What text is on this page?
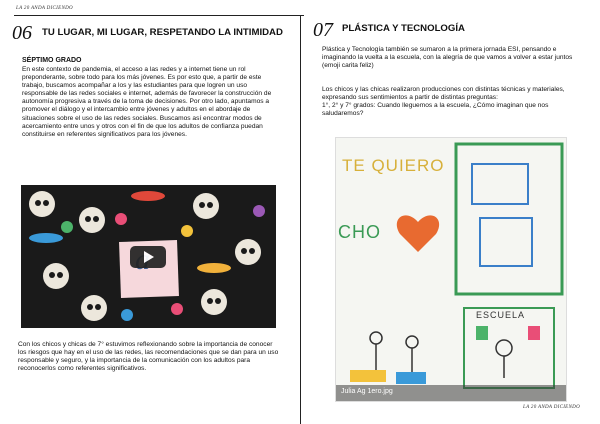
LA 20 ANDA DICIENDO
06 TU LUGAR, MI LUGAR, RESPETANDO LA INTIMIDAD
SÉPTIMO GRADO
En este contexto de pandemia, el acceso a las redes y a internet tiene un rol preponderante, sobre todo para los más jóvenes. Es por esto que, a partir de este trabajo, buscamos acompañar a los y las estudiantes para que logren un uso responsable de las redes sociales e internet, además de favorecer la construcción de autonomía progresiva a través de la toma de decisiones. Por otro lado, apuntamos a promover el diálogo y el intercambio entre jóvenes y adultos en el abordaje de situaciones sobre el uso de las redes sociales. Buscamos así encontrar modos de acercamiento entre unos y otros con el fin de que los adultos de confianza puedan constituirse en referentes significativos para los jóvenes.
Con los chicos y chicas de 7° estuvimos reflexionando sobre la importancia de conocer los riesgos que hay en el uso de las redes, las recomendaciones que se dan para un uso responsable y seguro, y la importancia de la comunicación con los adultos para reconocerlos como referentes significativos.
07 PLÁSTICA Y TECNOLOGÍA
Plástica y Tecnología también se sumaron a la primera jornada ESI, pensando e imaginando la vuelta a la escuela, con la alegría de que vamos a volver a estar juntos (emoji carita feliz)
Los chicos y las chicas realizaron producciones con distintas técnicas y materiales, expresando sus sentimientos a partir de distintas preguntas:
1°, 2° y 7° grados: Cuando lleguemos a la escuela, ¿Cómo imaginan que nos saludaremos?
TE QUIERO
CHO
ESCUELA
Julia Ag 1ero.jpg
LA 20 ANDA DICIENDO
